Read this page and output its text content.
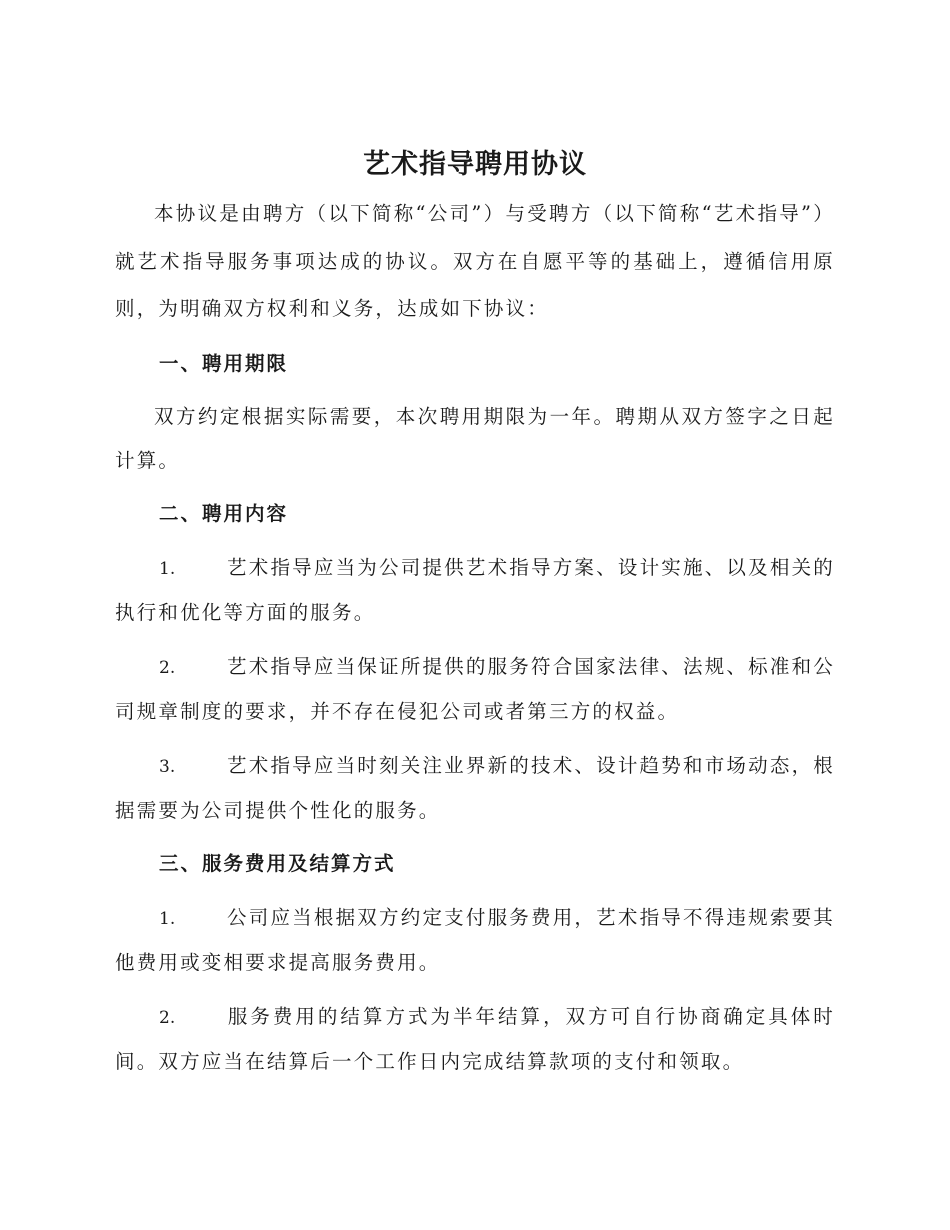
艺术指导聘用协议

本协议是由聘方（以下简称“公司”）与受聘方（以下简称“艺术指导”）就艺术指导服务事项达成的协议。双方在自愿平等的基础上，遵循信用原则，为明确双方权利和义务，达成如下协议：

一、聘用期限

双方约定根据实际需要，本次聘用期限为一年。聘期从双方签字之日起计算。

二、聘用内容

1.	艺术指导应当为公司提供艺术指导方案、设计实施、以及相关的执行和优化等方面的服务。

2.	艺术指导应当保证所提供的服务符合国家法律、法规、标准和公司规章制度的要求，并不存在侵犯公司或者第三方的权益。

3.	艺术指导应当时刻关注业界新的技术、设计趋势和市场动态，根据需要为公司提供个性化的服务。

三、服务费用及结算方式

1.	公司应当根据双方约定支付服务费用，艺术指导不得违规索要其他费用或变相要求提高服务费用。

2.	服务费用的结算方式为半年结算，双方可自行协商确定具体时间。双方应当在结算后一个工作日内完成结算款项的支付和领取。
